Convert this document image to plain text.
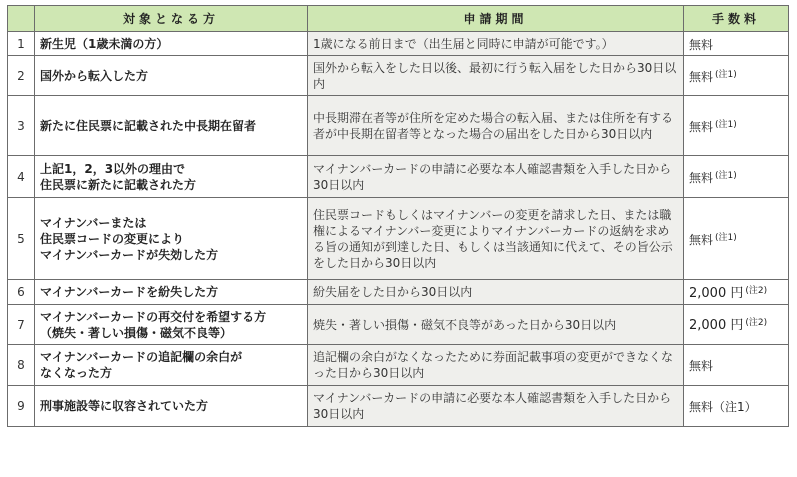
	対象となる方	申請期間	手数料
1	新生児（1歳未満の方）	1歳になる前日まで（出生届と同時に申請が可能です。）	無料
2	国外から転入した方	国外から転入をした日以後、最初に行う転入届をした日から30日以内	無料 $^{(注1)}$
3	新たに住民票に記載された中長期在留者	中長期滞在者等が住所を定めた場合の転入届、または住所を有する者が中長期在留者等となった場合の届出をした日から30日以内	無料 $^{(注1)}$
4	上記1，2，3以外の理由で
住民票に新たに記載された方	マイナンバーカードの申請に必要な本人確認書類を入手した日から30日以内	無料 $^{(注1)}$
5	マイナンバーまたは
住民票コードの変更により
マイナンバーカードが失効した方	住民票コードもしくはマイナンバーの変更を請求した日、または職権によるマイナンバー変更によりマイナンバーカードの返納を求める旨の通知が到達した日、もしくは当該通知に代えて、その旨公示をした日から30日以内	無料 $^{(注1)}$
6	マイナンバーカードを紛失した方	紛失届をした日から30日以内	2,000 円 $^{(注2)}$
7	マイナンバーカードの再交付を希望する方
（焼失・著しい損傷・磁気不良等）	焼失・著しい損傷・磁気不良等があった日から30日以内	2,000 円 $^{(注2)}$
8	マイナンバーカードの追記欄の余白が
なくなった方	追記欄の余白がなくなったために券面記載事項の変更ができなくなった日から30日以内	無料
9	刑事施設等に収容されていた方	マイナンバーカードの申請に必要な本人確認書類を入手した日から30日以内	無料（注1）
